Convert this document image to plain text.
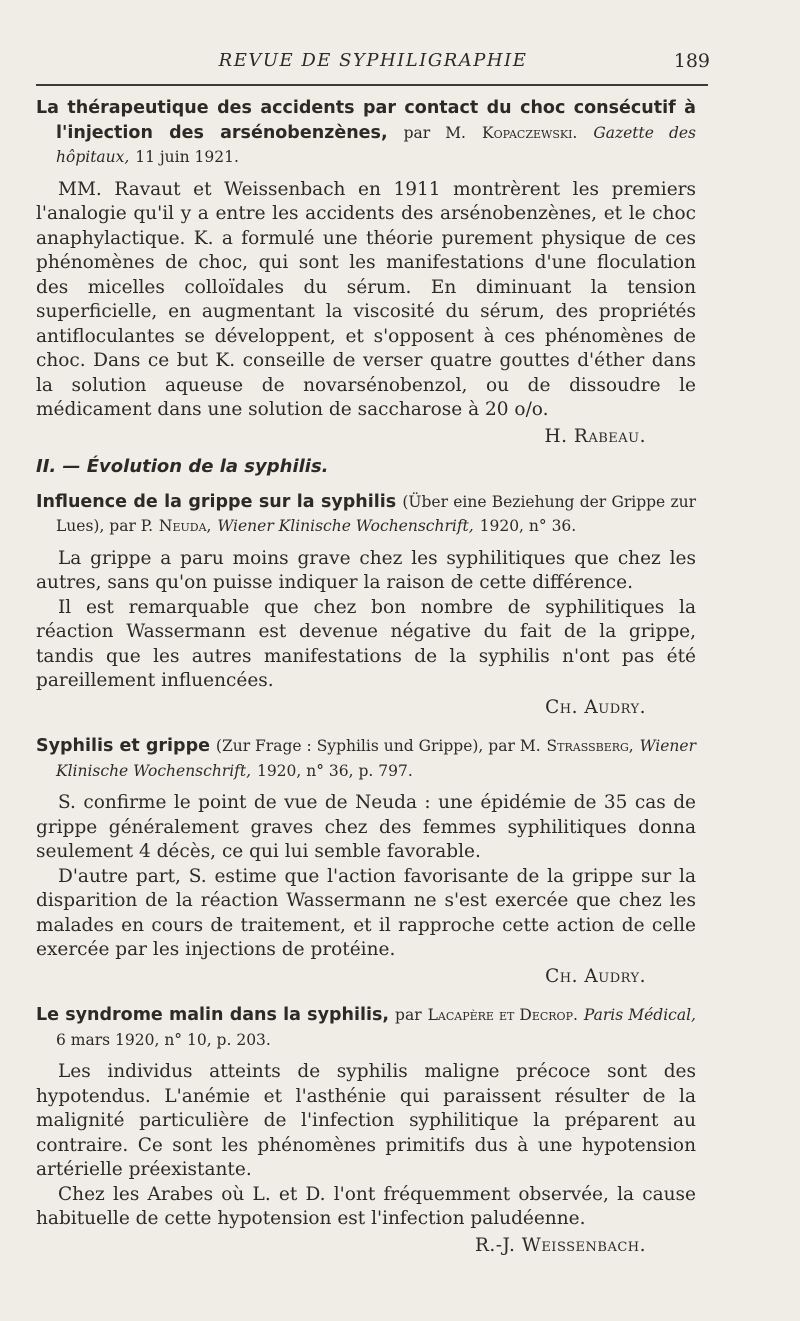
REVUE DE SYPHILIGRAPHIE	189

La thérapeutique des accidents par contact du choc consécutif à l'injection des arsénobenzènes, par M. Kopaczewski. Gazette des hôpitaux, 11 juin 1921.

MM. Ravaut et Weissenbach en 1911 montrèrent les premiers l'analogie qu'il y a entre les accidents des arsénobenzènes, et le choc anaphylactique. K. a formulé une théorie purement physique de ces phénomènes de choc, qui sont les manifestations d'une floculation des micelles colloïdales du sérum. En diminuant la tension superficielle, en augmentant la viscosité du sérum, des propriétés antifloculantes se développent, et s'opposent à ces phénomènes de choc. Dans ce but K. conseille de verser quatre gouttes d'éther dans la solution aqueuse de novarsénobenzol, ou de dissoudre le médicament dans une solution de saccharose à 20 o/o.

H. Rabeau.
II. — Évolution de la syphilis.

Influence de la grippe sur la syphilis (Über eine Beziehung der Grippe zur Lues), par P. Neuda, Wiener Klinische Wochenschrift, 1920, n° 36.

La grippe a paru moins grave chez les syphilitiques que chez les autres, sans qu'on puisse indiquer la raison de cette différence.

Il est remarquable que chez bon nombre de syphilitiques la réaction Wassermann est devenue négative du fait de la grippe, tandis que les autres manifestations de la syphilis n'ont pas été pareillement influencées.

Ch. Audry.

Syphilis et grippe (Zur Frage : Syphilis und Grippe), par M. Strassberg, Wiener Klinische Wochenschrift, 1920, n° 36, p. 797.

S. confirme le point de vue de Neuda : une épidémie de 35 cas de grippe généralement graves chez des femmes syphilitiques donna seulement 4 décès, ce qui lui semble favorable.

D'autre part, S. estime que l'action favorisante de la grippe sur la disparition de la réaction Wassermann ne s'est exercée que chez les malades en cours de traitement, et il rapproche cette action de celle exercée par les injections de protéine.

Ch. Audry.

Le syndrome malin dans la syphilis, par Lacapère et Decrop. Paris Médical, 6 mars 1920, n° 10, p. 203.

Les individus atteints de syphilis maligne précoce sont des hypotendus. L'anémie et l'asthénie qui paraissent résulter de la malignité particulière de l'infection syphilitique la préparent au contraire. Ce sont les phénomènes primitifs dus à une hypotension artérielle préexistante.

Chez les Arabes où L. et D. l'ont fréquemment observée, la cause habituelle de cette hypotension est l'infection paludéenne.

R.-J. Weissenbach.
